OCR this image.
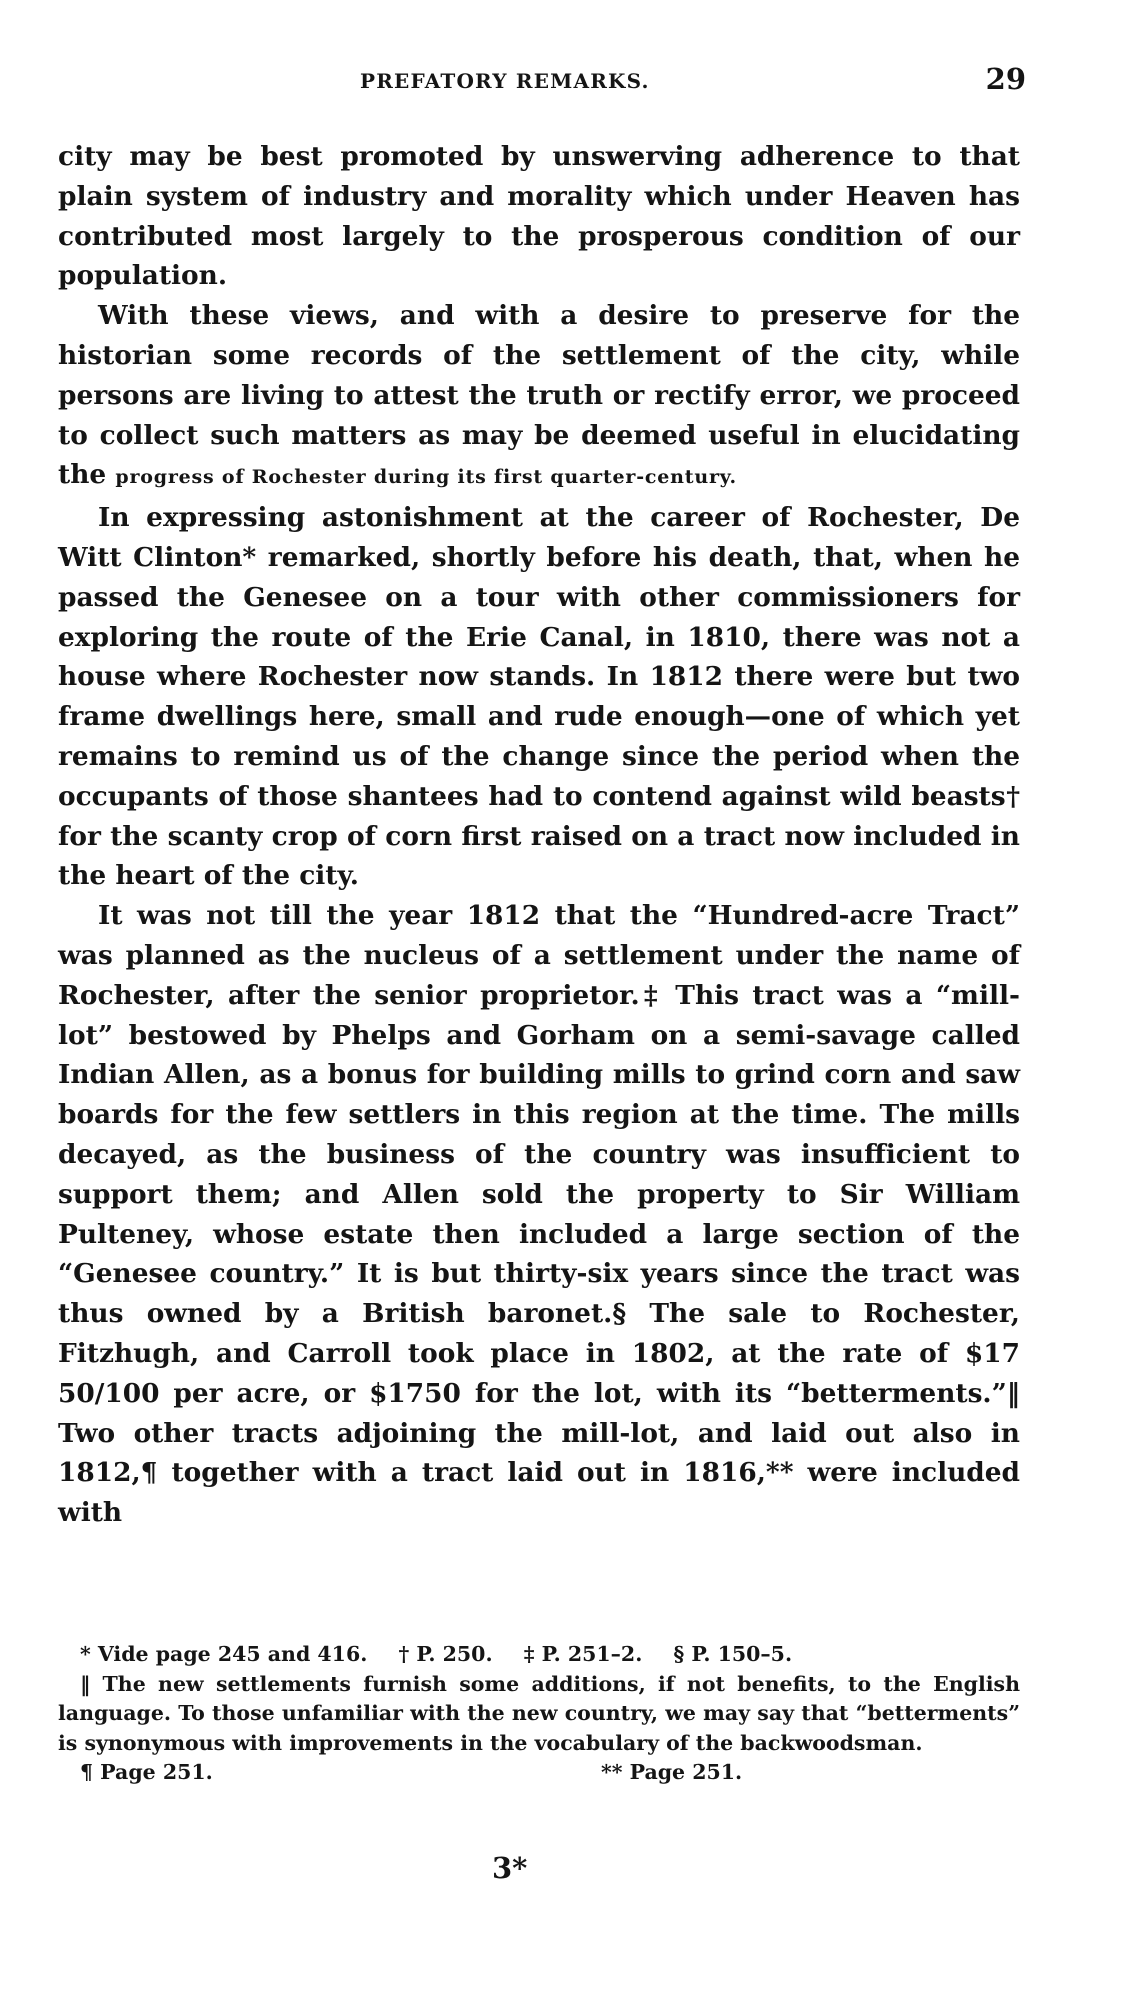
PREFATORY REMARKS.	29

city may be best promoted by unswerving adherence to that plain system of industry and morality which under Heaven has contributed most largely to the prosperous condition of our population.

With these views, and with a desire to preserve for the historian some records of the settlement of the city, while persons are living to attest the truth or rectify error, we proceed to collect such matters as may be deemed useful in elucidating the progress of Rochester during its first quarter-century.

In expressing astonishment at the career of Rochester, De Witt Clinton* remarked, shortly before his death, that, when he passed the Genesee on a tour with other commissioners for exploring the route of the Erie Canal, in 1810, there was not a house where Rochester now stands. In 1812 there were but two frame dwellings here, small and rude enough—one of which yet remains to remind us of the change since the period when the occupants of those shantees had to contend against wild beasts† for the scanty crop of corn first raised on a tract now included in the heart of the city.

It was not till the year 1812 that the “Hundred-acre Tract” was planned as the nucleus of a settlement under the name of Rochester, after the senior proprietor.‡ This tract was a “mill-lot” bestowed by Phelps and Gorham on a semi-savage called Indian Allen, as a bonus for building mills to grind corn and saw boards for the few settlers in this region at the time. The mills decayed, as the business of the country was insufficient to support them; and Allen sold the property to Sir William Pulteney, whose estate then included a large section of the “Genesee country.” It is but thirty-six years since the tract was thus owned by a British baronet.§ The sale to Rochester, Fitzhugh, and Carroll took place in 1802, at the rate of $17 50/100 per acre, or $1750 for the lot, with its “betterments.”‖ Two other tracts adjoining the mill-lot, and laid out also in 1812,¶ together with a tract laid out in 1816,** were included with

* Vide page 245 and 416. † P. 250. ‡ P. 251–2. § P. 150–5.

‖ The new settlements furnish some additions, if not benefits, to the English language. To those unfamiliar with the new country, we may say that “betterments” is synonymous with improvements in the vocabulary of the backwoodsman.

¶ Page 251.	** Page 251.
3*
